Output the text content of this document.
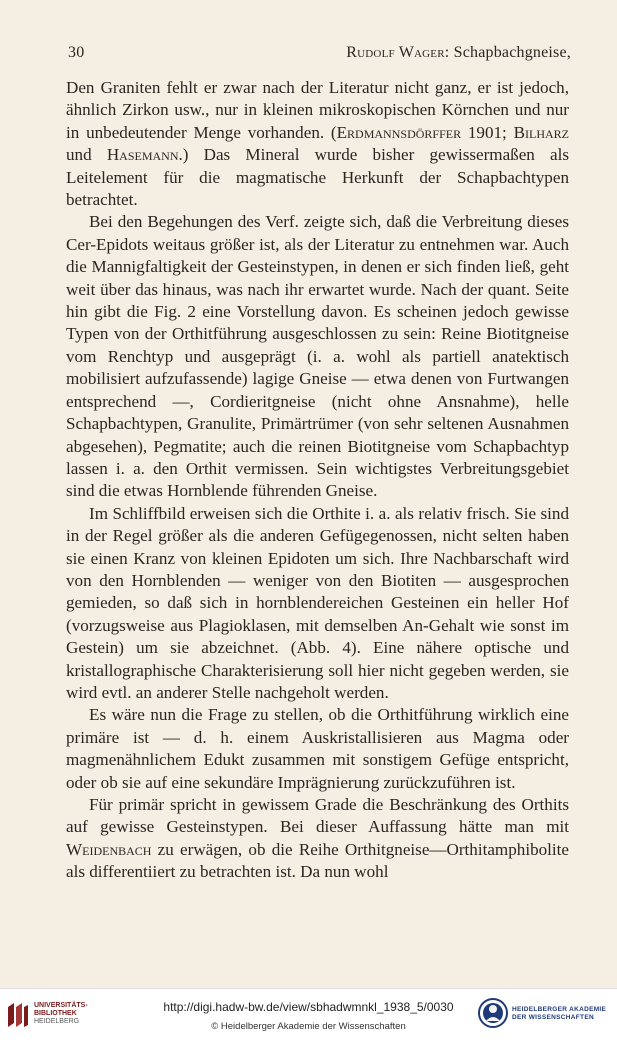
30	Rudolf Wager: Schapbachgneise,

Den Graniten fehlt er zwar nach der Literatur nicht ganz, er ist jedoch, ähnlich Zirkon usw., nur in kleinen mikroskopischen Körnchen und nur in unbedeutender Menge vorhanden. (Erdmannsdörffer 1901; Bilharz und Hasemann.) Das Mineral wurde bisher gewissermaßen als Leitelement für die magmatische Herkunft der Schapbachtypen betrachtet.

Bei den Begehungen des Verf. zeigte sich, daß die Verbreitung dieses Cer-Epidots weitaus größer ist, als der Literatur zu entnehmen war. Auch die Mannigfaltigkeit der Gesteinstypen, in denen er sich finden ließ, geht weit über das hinaus, was nach ihr erwartet wurde. Nach der quant. Seite hin gibt die Fig. 2 eine Vorstellung davon. Es scheinen jedoch gewisse Typen von der Orthitführung ausgeschlossen zu sein: Reine Biotitgneise vom Renchtyp und ausgeprägt (i. a. wohl als partiell anatektisch mobilisiert aufzufassende) lagige Gneise — etwa denen von Furtwangen entsprechend —, Cordieritgneise (nicht ohne Ansnahme), helle Schapbachtypen, Granulite, Primärtrümer (von sehr seltenen Ausnahmen abgesehen), Pegmatite; auch die reinen Biotitgneise vom Schapbachtyp lassen i. a. den Orthit vermissen. Sein wichtigstes Verbreitungsgebiet sind die etwas Hornblende führenden Gneise.

Im Schliffbild erweisen sich die Orthite i. a. als relativ frisch. Sie sind in der Regel größer als die anderen Gefügegenossen, nicht selten haben sie einen Kranz von kleinen Epidoten um sich. Ihre Nachbarschaft wird von den Hornblenden — weniger von den Biotiten — ausgesprochen gemieden, so daß sich in hornblendereichen Gesteinen ein heller Hof (vorzugsweise aus Plagioklasen, mit demselben An-Gehalt wie sonst im Gestein) um sie abzeichnet. (Abb. 4). Eine nähere optische und kristallographische Charakterisierung soll hier nicht gegeben werden, sie wird evtl. an anderer Stelle nachgeholt werden.

Es wäre nun die Frage zu stellen, ob die Orthitführung wirklich eine primäre ist — d. h. einem Auskristallisieren aus Magma oder magmenähnlichem Edukt zusammen mit sonstigem Gefüge entspricht, oder ob sie auf eine sekundäre Imprägnierung zurückzuführen ist.

Für primär spricht in gewissem Grade die Beschränkung des Orthits auf gewisse Gesteinstypen. Bei dieser Auffassung hätte man mit Weidenbach zu erwägen, ob die Reihe Orthitgneise—Orthitamphibolite als differentiiert zu betrachten ist. Da nun wohl

UNIVERSITÄTS-
BIBLIOTHEK
HEIDELBERG
http://digi.hadw-bw.de/view/sbhadwmnkl_1938_5/0030
© Heidelberger Akademie der Wissenschaften
HEIDELBERGER AKADEMIE
DER WISSENSCHAFTEN
